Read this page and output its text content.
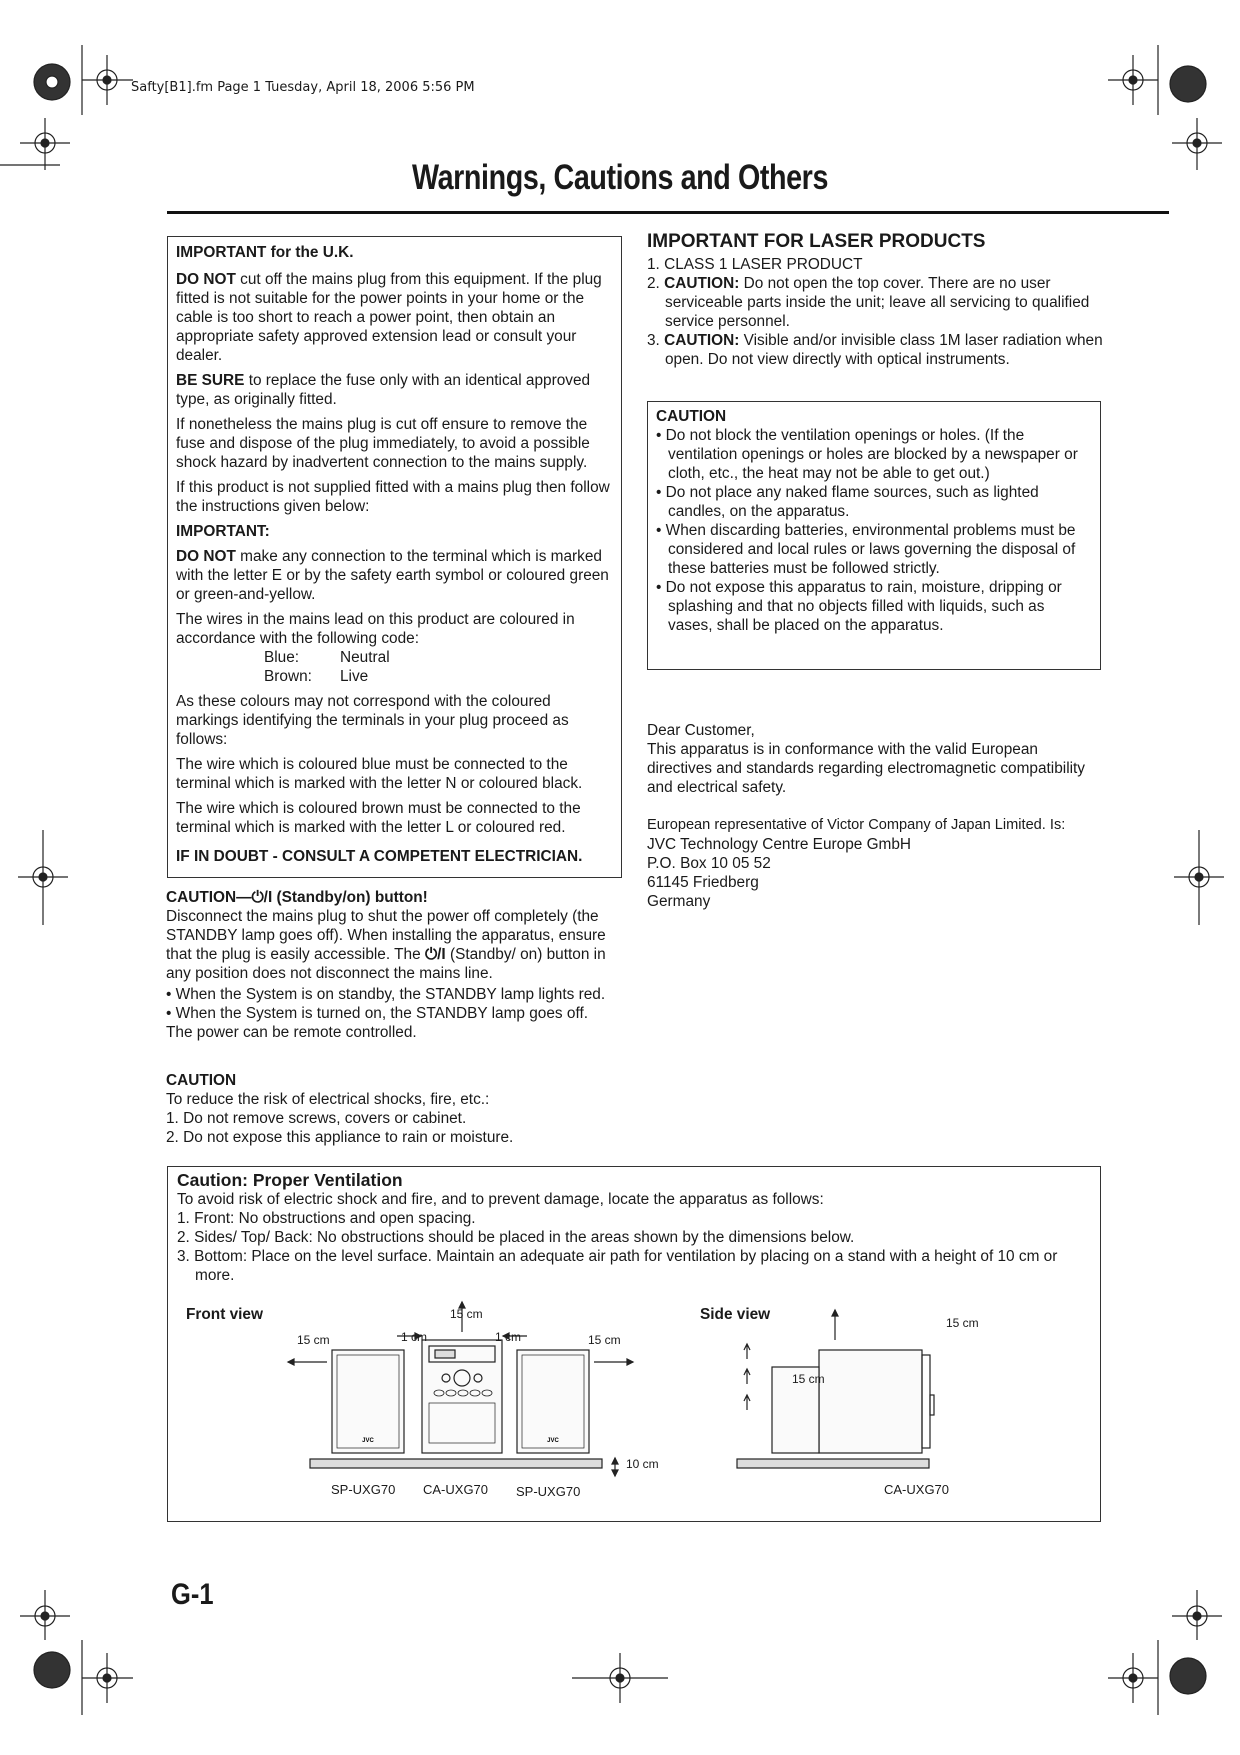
Safty[B1].fm Page 1 Tuesday, April 18, 2006 5:56 PM
Warnings, Cautions and Others

IMPORTANT for the U.K.

DO NOT cut off the mains plug from this equipment. If the plug fitted is not suitable for the power points in your home or the cable is too short to reach a power point, then obtain an appropriate safety approved extension lead or consult your dealer.

BE SURE to replace the fuse only with an identical approved type, as originally fitted.

If nonetheless the mains plug is cut off ensure to remove the fuse and dispose of the plug immediately, to avoid a possible shock hazard by inadvertent connection to the mains supply.

If this product is not supplied fitted with a mains plug then follow the instructions given below:

IMPORTANT:

DO NOT make any connection to the terminal which is marked with the letter E or by the safety earth symbol or coloured green or green-and-yellow.

The wires in the mains lead on this product are coloured in accordance with the following code:

Blue:	Neutral
Brown: Live

As these colours may not correspond with the coloured markings identifying the terminals in your plug proceed as follows:

The wire which is coloured blue must be connected to the terminal which is marked with the letter N or coloured black.

The wire which is coloured brown must be connected to the terminal which is marked with the letter L or coloured red.

IF IN DOUBT - CONSULT A COMPETENT ELECTRICIAN.

CAUTION—⏻/I (Standby/on) button!
Disconnect the mains plug to shut the power off completely (the STANDBY lamp goes off). When installing the apparatus, ensure that the plug is easily accessible. The ⏻/I (Standby/ on) button in any position does not disconnect the mains line.
• When the System is on standby, the STANDBY lamp lights red.
• When the System is turned on, the STANDBY lamp goes off.
The power can be remote controlled.
CAUTION
To reduce the risk of electrical shocks, fire, etc.:
1. Do not remove screws, covers or cabinet.
2. Do not expose this appliance to rain or moisture.
IMPORTANT FOR LASER PRODUCTS
1. CLASS 1 LASER PRODUCT
2. CAUTION: Do not open the top cover. There are no user serviceable parts inside the unit; leave all servicing to qualified service personnel.
3. CAUTION: Visible and/or invisible class 1M laser radiation when open. Do not view directly with optical instruments.
CAUTION
• Do not block the ventilation openings or holes. (If the ventilation openings or holes are blocked by a newspaper or cloth, etc., the heat may not be able to get out.)
• Do not place any naked flame sources, such as lighted candles, on the apparatus.
• When discarding batteries, environmental problems must be considered and local rules or laws governing the disposal of these batteries must be followed strictly.
• Do not expose this apparatus to rain, moisture, dripping or splashing and that no objects filled with liquids, such as vases, shall be placed on the apparatus.
Dear Customer,
This apparatus is in conformance with the valid European directives and standards regarding electromagnetic compatibility and electrical safety.
European representative of Victor Company of Japan Limited. Is:
JVC Technology Centre Europe GmbH
P.O. Box 10 05 52
61145 Friedberg
Germany
Caution: Proper Ventilation
To avoid risk of electric shock and fire, and to prevent damage, locate the apparatus as follows:
1. Front: No obstructions and open spacing.
2. Sides/ Top/ Back: No obstructions should be placed in the areas shown by the dimensions below.
3. Bottom: Place on the level surface. Maintain an adequate air path for ventilation by placing on a stand with a height of 10 cm or more.
Front view	Side view
JVC	JVC
15 cm
15 cm	1 cm	1 cm	15 cm
10 cm
15 cm
15 cm
SP-UXG70 CA-UXG70 SP-UXG70	CA-UXG70
G-1
